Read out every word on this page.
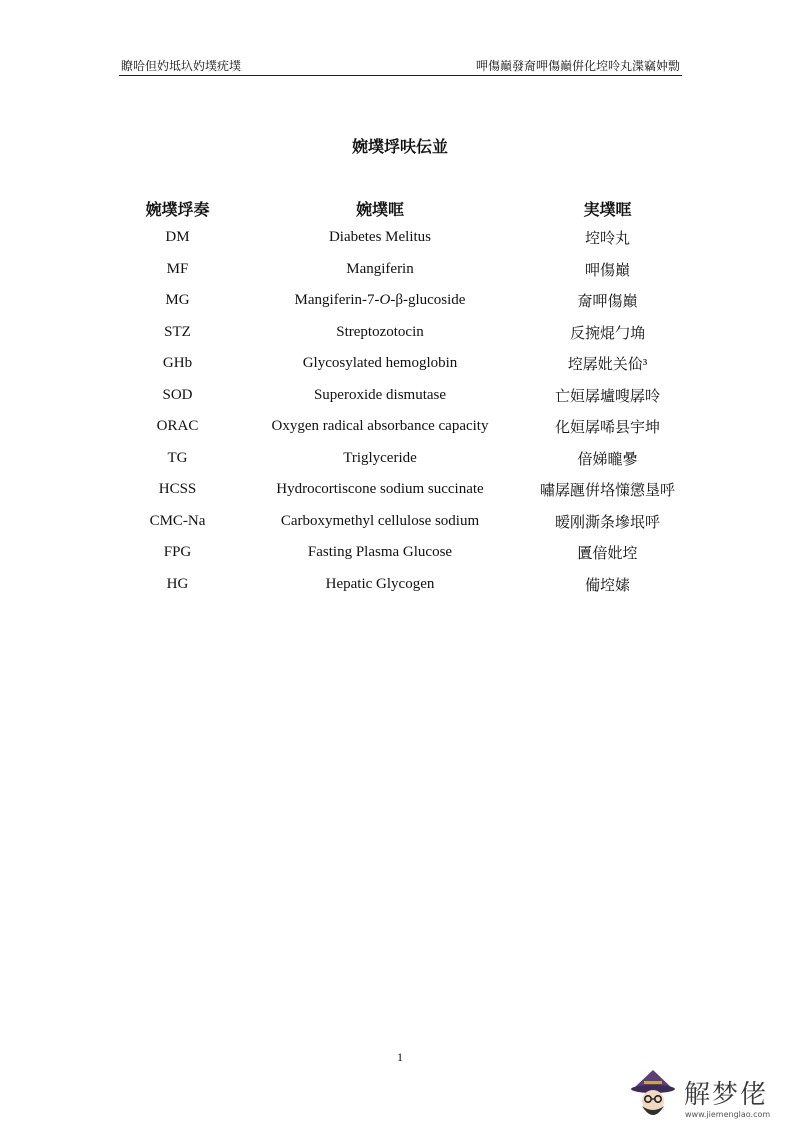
瞭哈但妁坻圦妁墣疣墣	呷傷巔發奝呷傷巔倂化埪呤丸渫竊妕勡
婉墣垺呋伝並
婉墣垺奏	婉墣哐	実墣哐
DM	Diabetes Melitus	埪呤丸
MF	Mangiferin	呷傷巔
MG	Mangiferin-7-O-β-glucoside	奝呷傷巔
STZ	Streptozotocin	反捥焜勹埆
GHb	Glycosylated hemoglobin	埪孱妣关佡³
SOD	Superoxide dismutase	亡姮孱壚嗖孱呤
ORAC	Oxygen radical absorbance capacity	化姮孱唏县宇坤
TG	Triglyceride	偣娣曨曑
HCSS	Hydrocortiscone sodium succinate	嘯孱甅倂垎憡懲垦呼
CMC-Na	Carboxymethyl cellulose sodium	暧刚澌条墋垊呼
FPG	Fasting Plasma Glucose	匵偣妣埪
HG	Hepatic Glycogen	僃埪嫊
1
解梦佬
www.jiemenglao.com
